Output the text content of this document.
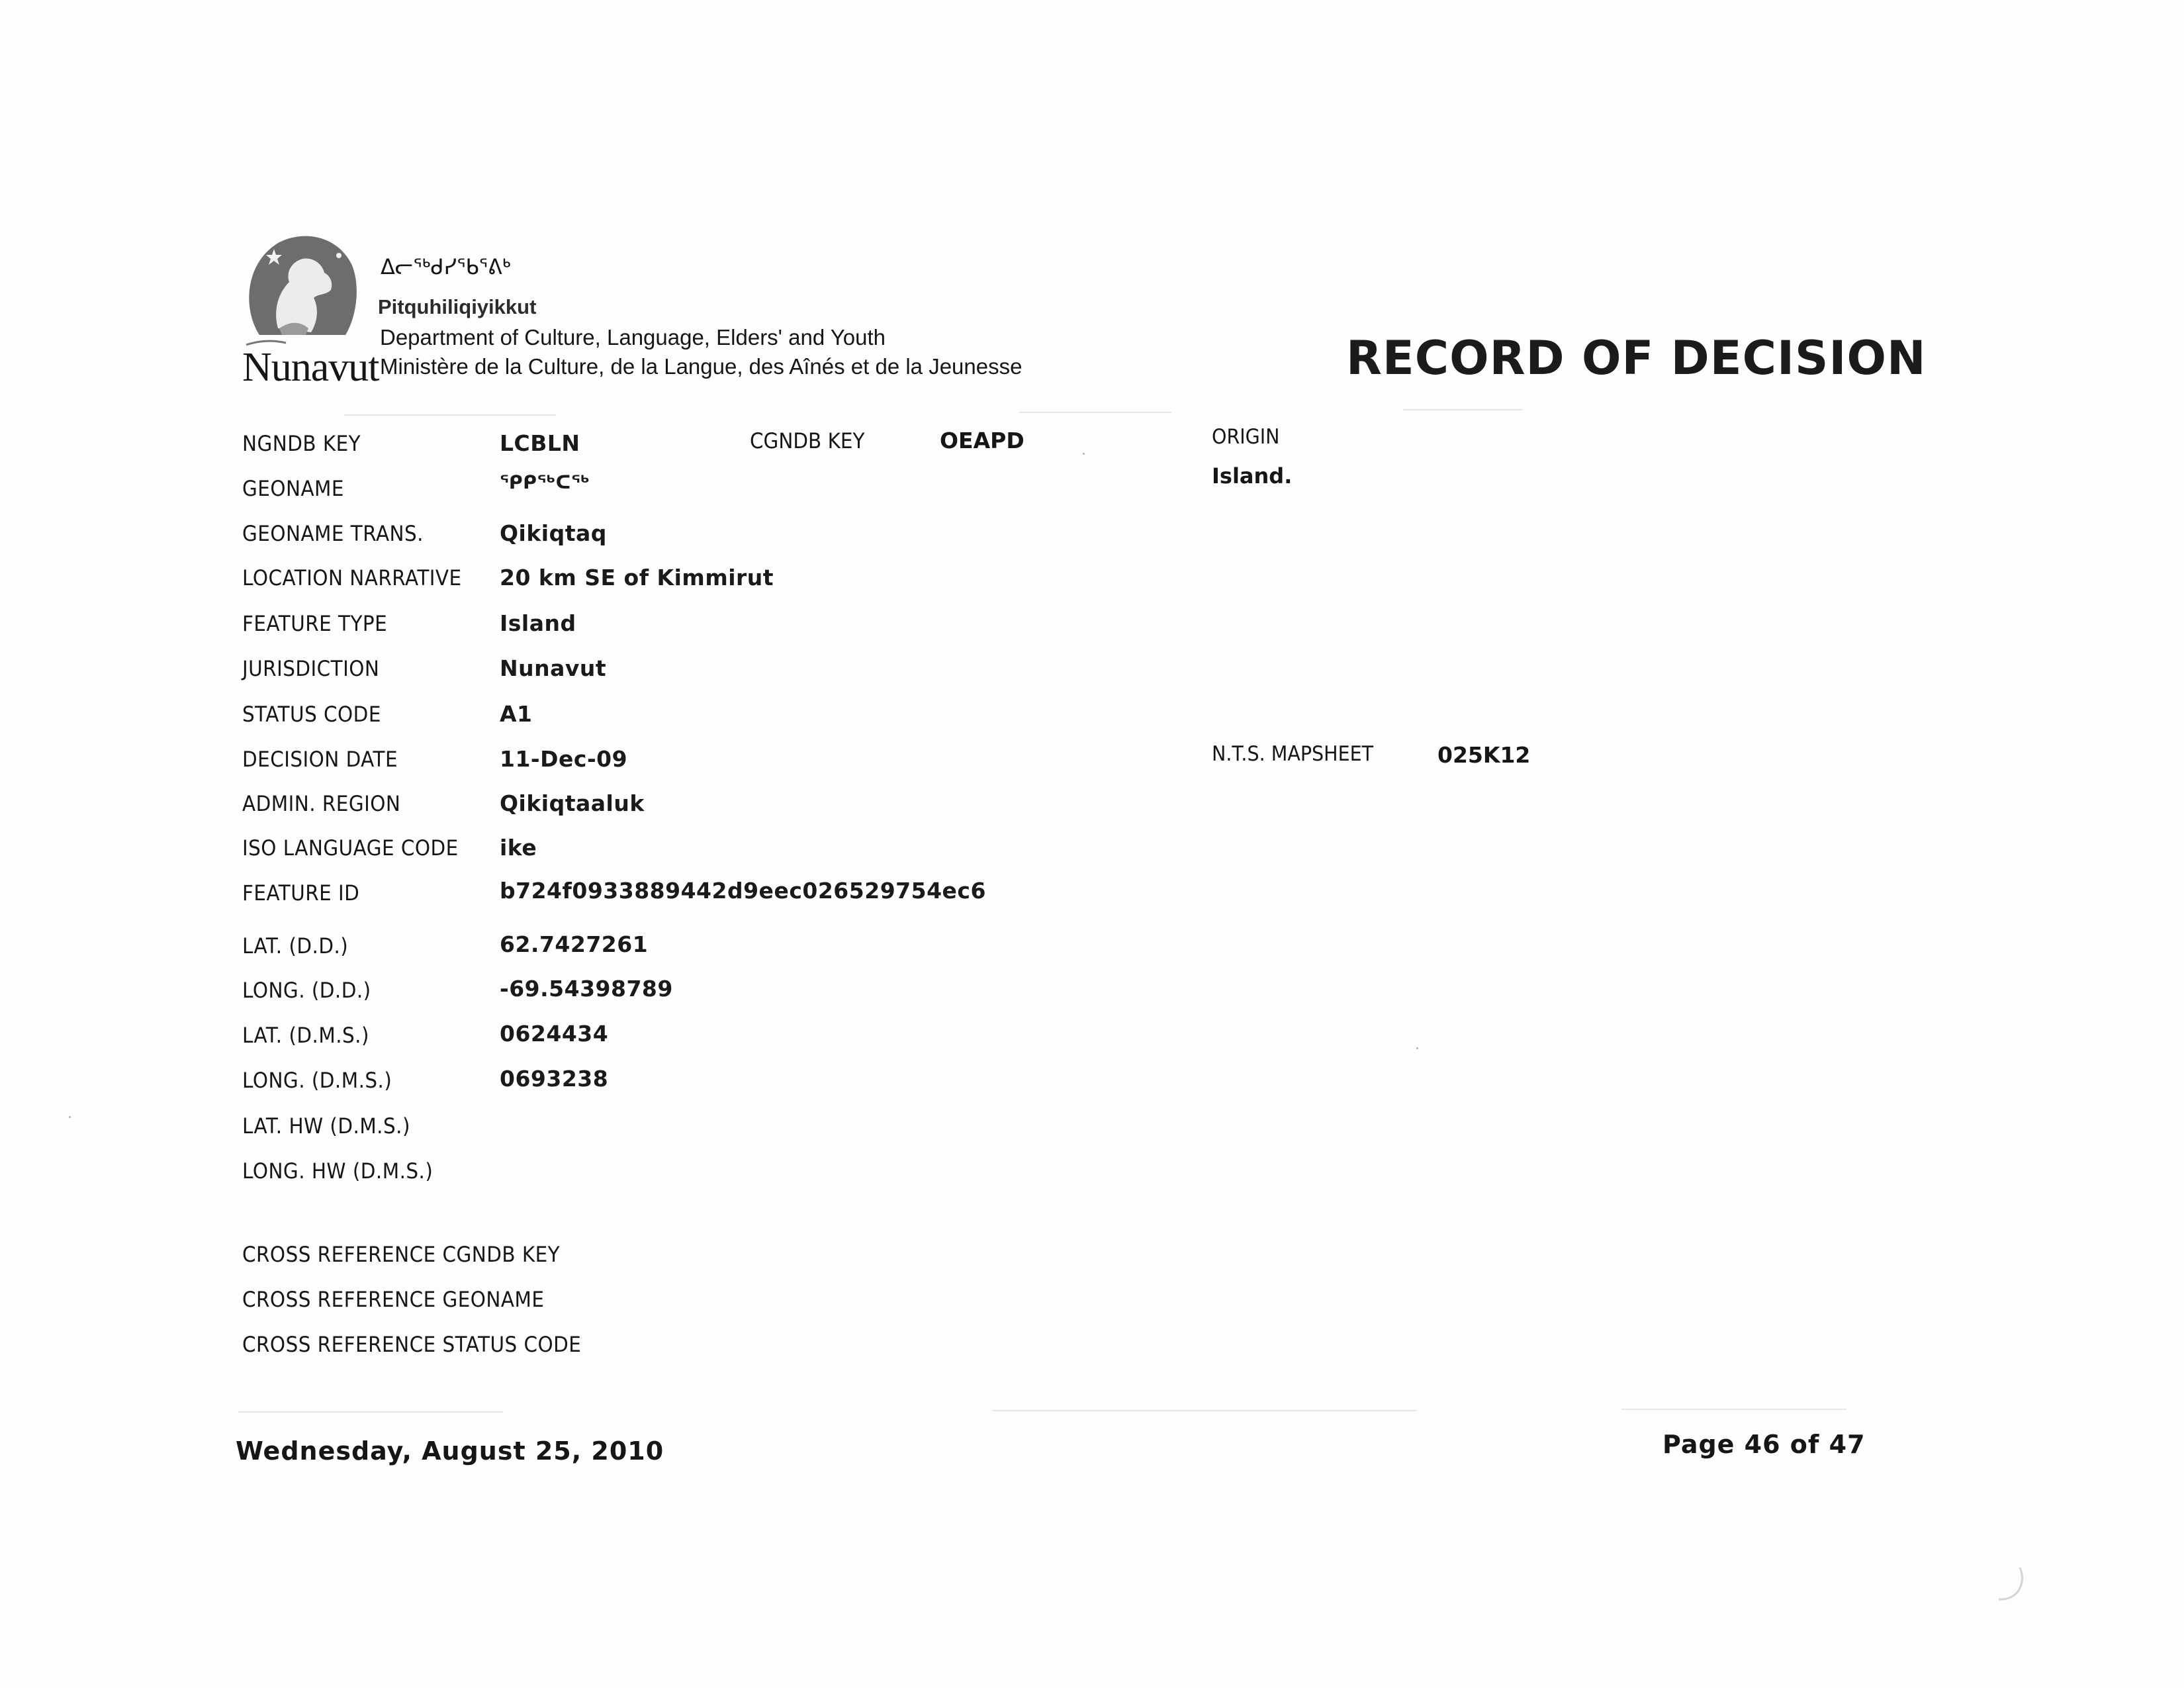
Nunavut
ᐃᓕᖅᑯᓯᖃᕐᕕᒃ
Pitquhiliqiyikkut
Department of Culture, Language, Elders' and Youth
Ministère de la Culture, de la Langue, des Aînés et de la Jeunesse	RECORD OF DECISION
NGNDB KEY	LCBLN	CGNDB KEY	OEAPD	ORIGIN
Island.
GEONAME	ᕿᑭᖅᑕᖅ
GEONAME TRANS.	Qikiqtaq
LOCATION NARRATIVE 20 km SE of Kimmirut
FEATURE TYPE	Island
JURISDICTION	Nunavut
STATUS CODE	A1
DECISION DATE	11-Dec-09	N.T.S. MAPSHEET	025K12
ADMIN. REGION	Qikiqtaaluk
ISO LANGUAGE CODE ike
FEATURE ID	b724f0933889442d9eec026529754ec6
LAT. (D.D.)	62.7427261
LONG. (D.D.)	-69.54398789
LAT. (D.M.S.)	0624434
LONG. (D.M.S.)	0693238
LAT. HW (D.M.S.)
LONG. HW (D.M.S.)
CROSS REFERENCE CGNDB KEY
CROSS REFERENCE GEONAME
CROSS REFERENCE STATUS CODE
Wednesday, August 25, 2010	Page 46 of 47
